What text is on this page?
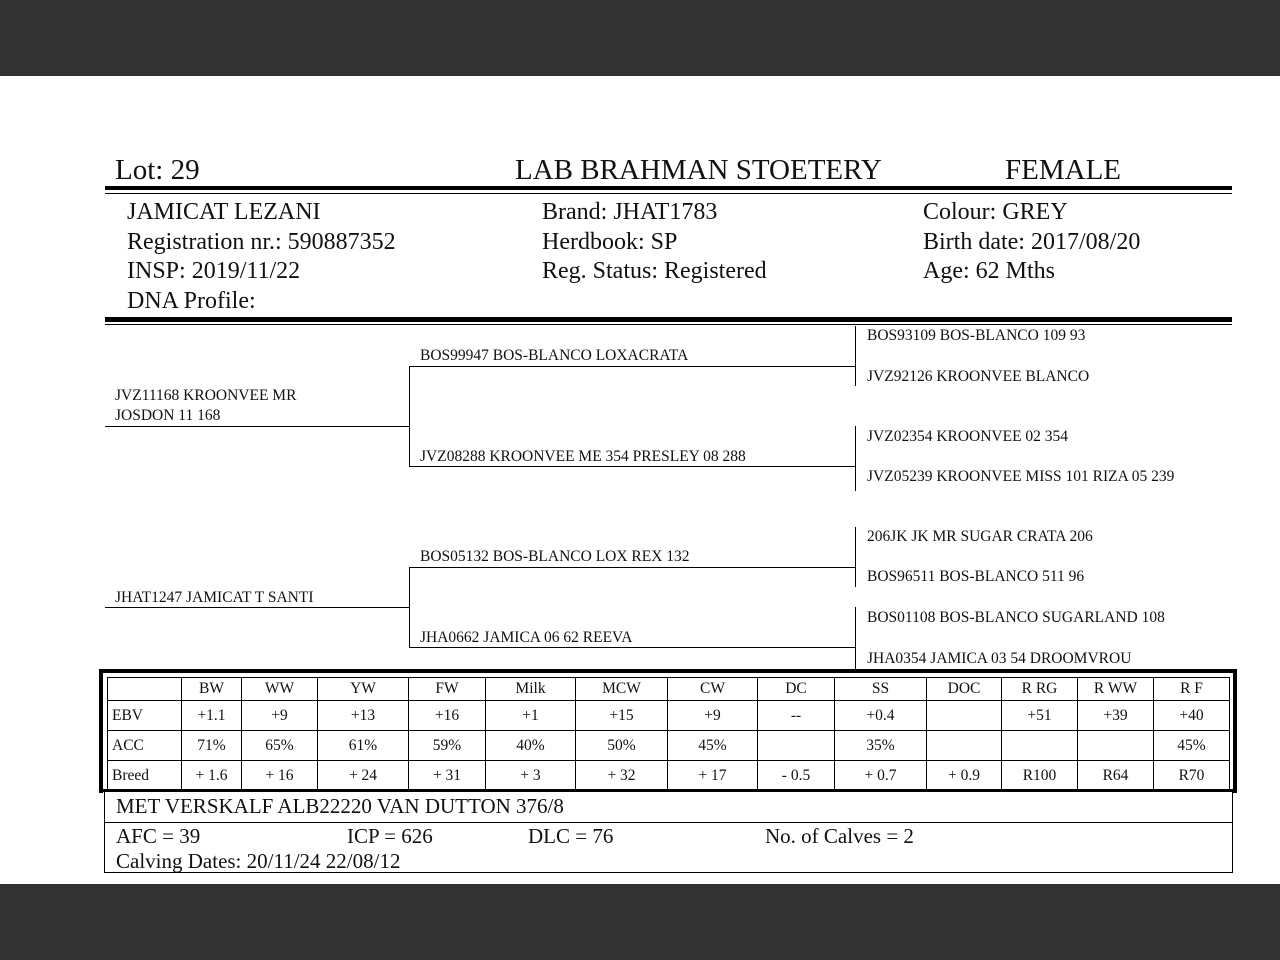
Lot: 29	LAB BRAHMAN STOETERY	FEMALE
JAMICAT LEZANI
Registration nr.: 590887352
INSP: 2019/11/22
DNA Profile:
Brand: JHAT1783
Herdbook: SP
Reg. Status: Registered
Colour: GREY
Birth date: 2017/08/20
Age: 62 Mths
JVZ11168 KROONVEE MR JOSDON 11 168
JHAT1247 JAMICAT T SANTI
BOS99947 BOS-BLANCO LOXACRATA
JVZ08288 KROONVEE ME 354 PRESLEY 08 288
BOS05132 BOS-BLANCO LOX REX 132
JHA0662 JAMICA 06 62 REEVA
BOS93109 BOS-BLANCO 109 93
JVZ92126 KROONVEE BLANCO
JVZ02354 KROONVEE 02 354
JVZ05239 KROONVEE MISS 101 RIZA 05 239
206JK JK MR SUGAR CRATA 206
BOS96511 BOS-BLANCO 511 96
BOS01108 BOS-BLANCO SUGARLAND 108
JHA0354 JAMICA 03 54 DROOMVROU
	BW	WW	YW	FW	Milk	MCW	CW	DC	SS	DOC	R RG	R WW	R F
EBV	+1.1	+9	+13	+16	+1	+15	+9	--	+0.4		+51	+39	+40
ACC	71%	65%	61%	59%	40%	50%	45%		35%				45%
Breed	+ 1.6	+ 16	+ 24	+ 31	+ 3	+ 32	+ 17	- 0.5	+ 0.7	+ 0.9	R100	R64	R70
MET VERSKALF ALB22220 VAN DUTTON 376/8
AFC = 39	ICP = 626	DLC = 76	No. of Calves = 2
Calving Dates: 20/11/24 22/08/12
